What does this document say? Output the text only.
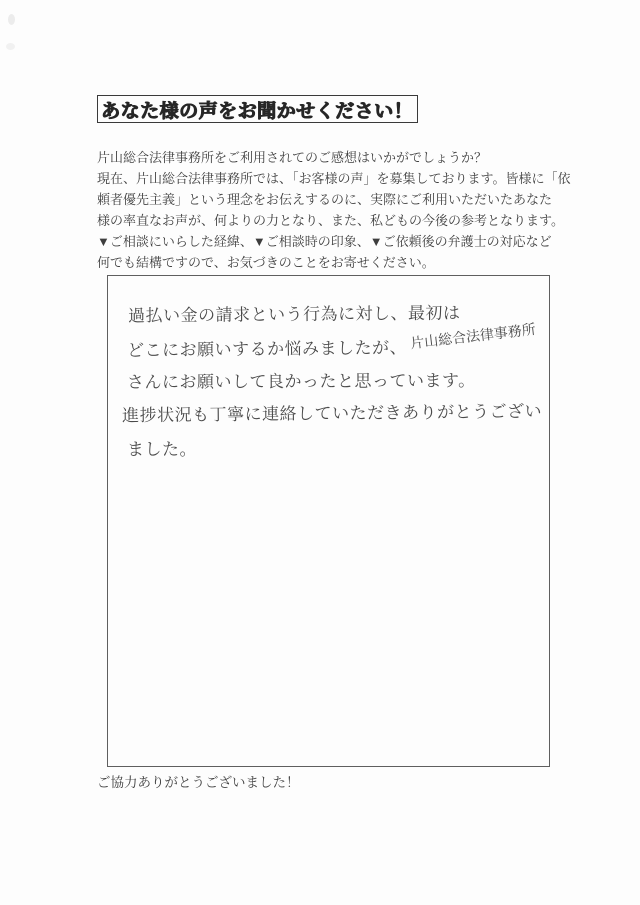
あなた様の声をお聞かせください！
片山総合法律事務所をご利用されてのご感想はいかがでしょうか？
現在、片山総合法律事務所では、「お客様の声」を募集しております。皆様に「依
頼者優先主義」という理念をお伝えするのに、実際にご利用いただいたあなた
様の率直なお声が、何よりの力となり、また、私どもの今後の参考となります。
▼ご相談にいらした経緯、▼ご相談時の印象、▼ご依頼後の弁護士の対応など
何でも結構ですので、お気づきのことをお寄せください。
過払い金の請求という行為に対し、最初は
どこにお願いするか悩みましたが、 片山総合法律事務所
さんにお願いして良かったと思っています。
進捗状況も丁寧に連絡していただきありがとうござい
ました。
ご協力ありがとうございました！
